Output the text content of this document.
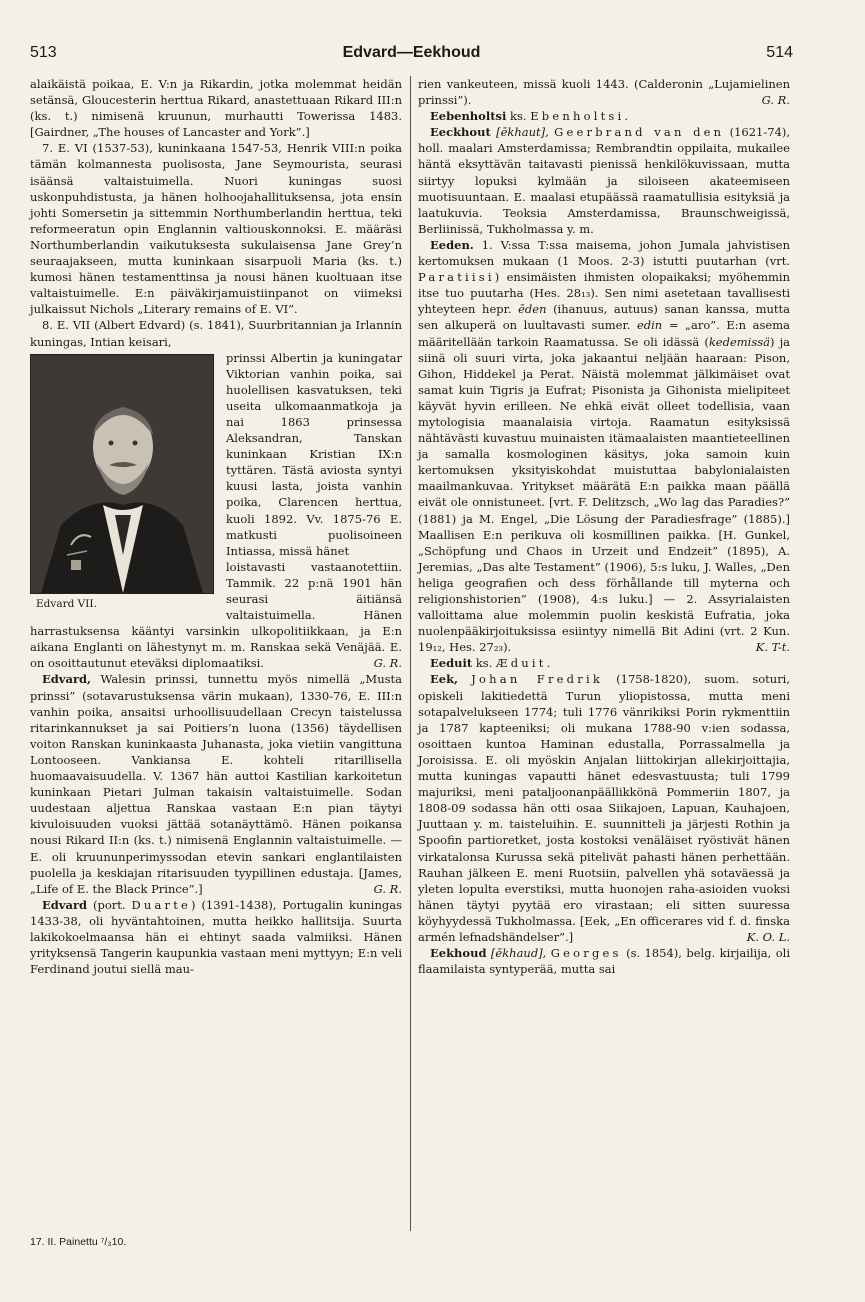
513	Edvard—Eekhoud	514

alaikäistä poikaa, E. V:n ja Rikardin, jotka molemmat heidän setänsä, Gloucesterin herttua Rikard, anastettuaan Rikard III:n (ks. t.) nimisenä kruunun, murhautti Towerissa 1483. [Gairdner, „The houses of Lancaster and York”.]

7. E. VI (1537-53), kuninkaana 1547-53, Henrik VIII:n poika tämän kolmannesta puolisosta, Jane Seymourista, seurasi isäänsä valtaistuimella. Nuori kuningas suosi uskonpuhdistusta, ja hänen holhoojahallituksensa, jota ensin johti Somersetin ja sittemmin Northumberlandin herttua, teki reformeeratun opin Englannin valtiouskonnoksi. E. määräsi Northumberlandin vaikutuksesta sukulaisensa Jane Grey’n seuraajakseen, mutta kuninkaan sisarpuoli Maria (ks. t.) kumosi hänen testamenttinsa ja nousi hänen kuoltuaan itse valtaistuimelle. E:n päiväkirjamuistiinpanot on viimeksi julkaissut Nichols „Literary remains of E. VI”.

8. E. VII (Albert Edvard) (s. 1841), Suurbritannian ja Irlannin kuningas, Intian keisari,

Edvard VII.

prinssi Albertin ja kuningatar Viktorian vanhin poika, sai huolellisen kasvatuksen, teki useita ulkomaanmatkoja ja nai 1863 prinsessa Aleksandran, Tanskan kuninkaan Kristian IX:n tyttären. Tästä aviosta syntyi kuusi lasta, joista vanhin poika, Clarencen herttua, kuoli 1892. Vv. 1875-76 E. matkusti puolisoineen Intiassa, missä hänet

loistavasti vastaanotettiin. Tammik. 22 p:nä 1901 hän seurasi äitiänsä valtaistuimella. Hänen harrastuksensa kääntyi varsinkin ulkopolitiikkaan, ja E:n aikana Englanti on lähestynyt m. m. Ranskaa sekä Venäjää. E. on osoittautunut eteväksi diplomaatiksi.	G. R.

Edvard, Walesin prinssi, tunnettu myös nimellä „Musta prinssi” (sotavarustuksensa värin mukaan), 1330-76, E. III:n vanhin poika, ansaitsi urhoollisuudellaan Crecyn taistelussa ritarinkannukset ja sai Poitiers’n luona (1356) täydellisen voiton Ranskan kuninkaasta Juhanasta, joka vietiin vangittuna Lontooseen. Vankiansa E. kohteli ritarillisella huomaavaisuudella. V. 1367 hän auttoi Kastilian karkoitetun kuninkaan Pietari Julman takaisin valtaistuimelle. Sodan uudestaan aljettua Ranskaa vastaan E:n pian täytyi kivuloisuuden vuoksi jättää sotanäyttämö. Hänen poikansa nousi Rikard II:n (ks. t.) nimisenä Englannin valtaistuimelle. — E. oli kruununperimyssodan etevin sankari englantilaisten puolella ja keskiajan ritarisuuden tyypillinen edustaja. [James, „Life of E. the Black Prince”.]	G. R.

Edvard (port. Duarte) (1391-1438), Portugalin kuningas 1433-38, oli hyväntahtoinen, mutta heikko hallitsija. Suurta lakikokoelmaansa hän ei ehtinyt saada valmiiksi. Hänen yrityksensä Tangerin kaupunkia vastaan meni myttyyn; E:n veli Ferdinand joutui siellä mau-

rien vankeuteen, missä kuoli 1443. (Calderonin „Lujamielinen prinssi”).	G. R.

Eebenholtsi ks. Ebenholtsi.

Eeckhout [ēkhaut], Geerbrand van den (1621-74), holl. maalari Amsterdamissa; Rembrandtin oppilaita, mukailee häntä eksyttävän taitavasti pienissä henkilökuvissaan, mutta siirtyy lopuksi kylmään ja siloiseen akateemiseen muotisuuntaan. E. maalasi etupäässä raamatullisia esityksiä ja laatukuvia. Teoksia Amsterdamissa, Braunschweigissä, Berliinissä, Tukholmassa y. m.

Eeden. 1. V:ssa T:ssa maisema, johon Jumala jahvistisen kertomuksen mukaan (1 Moos. 2-3) istutti puutarhan (vrt. Paratiisi) ensimäisten ihmisten olopaikaksi; myöhemmin itse tuo puutarha (Hes. 28₁₃). Sen nimi asetetaan tavallisesti yhteyteen hepr. ēden (ihanuus, autuus) sanan kanssa, mutta sen alkuperä on luultavasti sumer. edin = „aro”. E:n asema määritellään tarkoin Raamatussa. Se oli idässä (kedemissä) ja siinä oli suuri virta, joka jakaantui neljään haaraan: Pison, Gihon, Hiddekel ja Perat. Näistä molemmat jälkimäiset ovat samat kuin Tigris ja Eufrat; Pisonista ja Gihonista mielipiteet käyvät hyvin erilleen. Ne ehkä eivät olleet todellisia, vaan mytologisia maanalaisia virtoja. Raamatun esityksissä nähtävästi kuvastuu muinaisten itämaalaisten maantieteellinen ja samalla kosmologinen käsitys, joka samoin kuin kertomuksen yksityiskohdat muistuttaa babylonialaisten maailmankuvaa. Yritykset määrätä E:n paikka maan päällä eivät ole onnistuneet. [vrt. F. Delitzsch, „Wo lag das Paradies?” (1881) ja M. Engel, „Die Lösung der Paradiesfrage” (1885).] Maallisen E:n perikuva oli kosmillinen paikka. [H. Gunkel, „Schöpfung und Chaos in Urzeit und Endzeit” (1895), A. Jeremias, „Das alte Testament” (1906), 5:s luku, J. Walles, „Den heliga geografien och dess förhållande till myterna och religionshistorien” (1908), 4:s luku.] — 2. Assyrialaisten valloittama alue molemmin puolin keskistä Eufratia, joka nuolenpääkirjoituksissa esiintyy nimellä Bit Adini (vrt. 2 Kun. 19₁₂, Hes. 27₂₃).	K. T-t.

Eeduit ks. Æduit.

Eek, Johan Fredrik (1758-1820), suom. soturi, opiskeli lakitiedettä Turun yliopistossa, mutta meni sotapalvelukseen 1774; tuli 1776 vänrikiksi Porin rykmenttiin ja 1787 kapteeniksi; oli mukana 1788-90 v:ien sodassa, osoittaen kuntoa Haminan edustalla, Porrassalmella ja Joroisissa. E. oli myöskin Anjalan liittokirjan allekirjoittajia, mutta kuningas vapautti hänet edesvastuusta; tuli 1799 majuriksi, meni pataljoonanpäällikkönä Pommeriin 1807, ja 1808-09 sodassa hän otti osaa Siikajoen, Lapuan, Kauhajoen, Juuttaan y. m. taisteluihin. E. suunnitteli ja järjesti Rothin ja Spoofin partioretket, josta kostoksi venäläiset ryöstivät hänen virkatalonsa Kurussa sekä pitelivät pahasti hänen perhettään. Rauhan jälkeen E. meni Ruotsiin, palvellen yhä sotaväessä ja yleten lopulta everstiksi, mutta huonojen raha-asioiden vuoksi hänen täytyi pyytää ero virastaan; eli sitten suuressa köyhyydessä Tukholmassa. [Eek, „En officerares vid f. d. finska armén lefnadshändelser”.]	K. O. L.

Eekhoud [ēkhaud], Georges (s. 1854), belg. kirjailija, oli flaamilaista syntyperää, mutta sai

17. II. Painettu ⁷/₃10.
